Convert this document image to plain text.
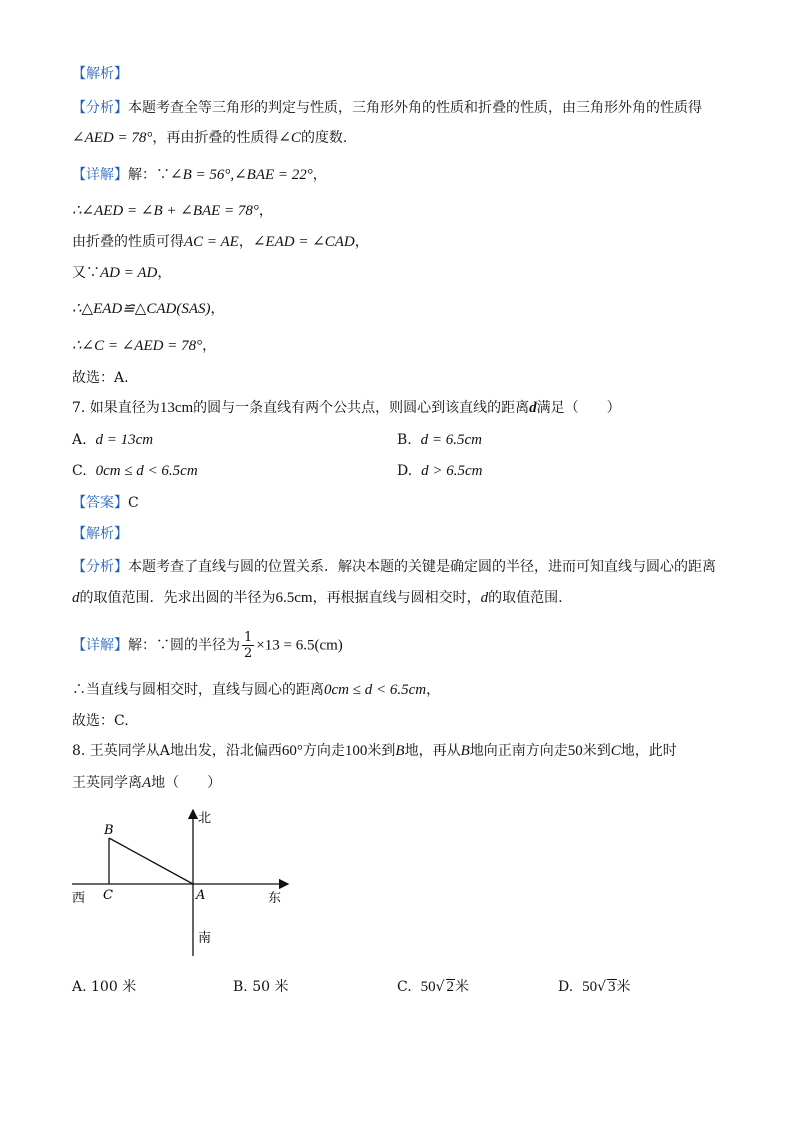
【解析】
【分析】本题考查全等三角形的判定与性质，三角形外角的性质和折叠的性质，由三角形外角的性质得
∠AED = 78°，再由折叠的性质得∠C的度数.
【详解】解：∵∠B = 56°,∠BAE = 22°，
∴∠AED = ∠B + ∠BAE = 78°，
由折叠的性质可得AC = AE，∠EAD = ∠CAD，
又∵AD = AD，
∴△EAD≌△CAD(SAS)，
∴∠C = ∠AED = 78°，
故选：A.
7. 如果直径为13cm的圆与一条直线有两个公共点，则圆心到该直线的距离d满足（　　）
A. d = 13cm	B. d = 6.5cm
C. 0cm ≤ d < 6.5cm	D. d > 6.5cm
【答案】C
【解析】
【分析】本题考查了直线与圆的位置关系．解决本题的关键是确定圆的半径，进而可知直线与圆心的距离
d的取值范围．先求出圆的半径为6.5cm，再根据直线与圆相交时，d的取值范围.
【详解】解：∵圆的半径为 $\frac{1}{2} \times 13 = 6.5(cm)$
∴当直线与圆相交时，直线与圆心的距离0cm ≤ d < 6.5cm，
故选：C.
8. 王英同学从A地出发，沿北偏西60°方向走100米到B地，再从B地向正南方向走50米到C地，此时
王英同学离A地（　　）
北
南
东
西	A
B
C
A. 100 米	B. 50 米	C. 50√ 2米	D. 50√ 3米
